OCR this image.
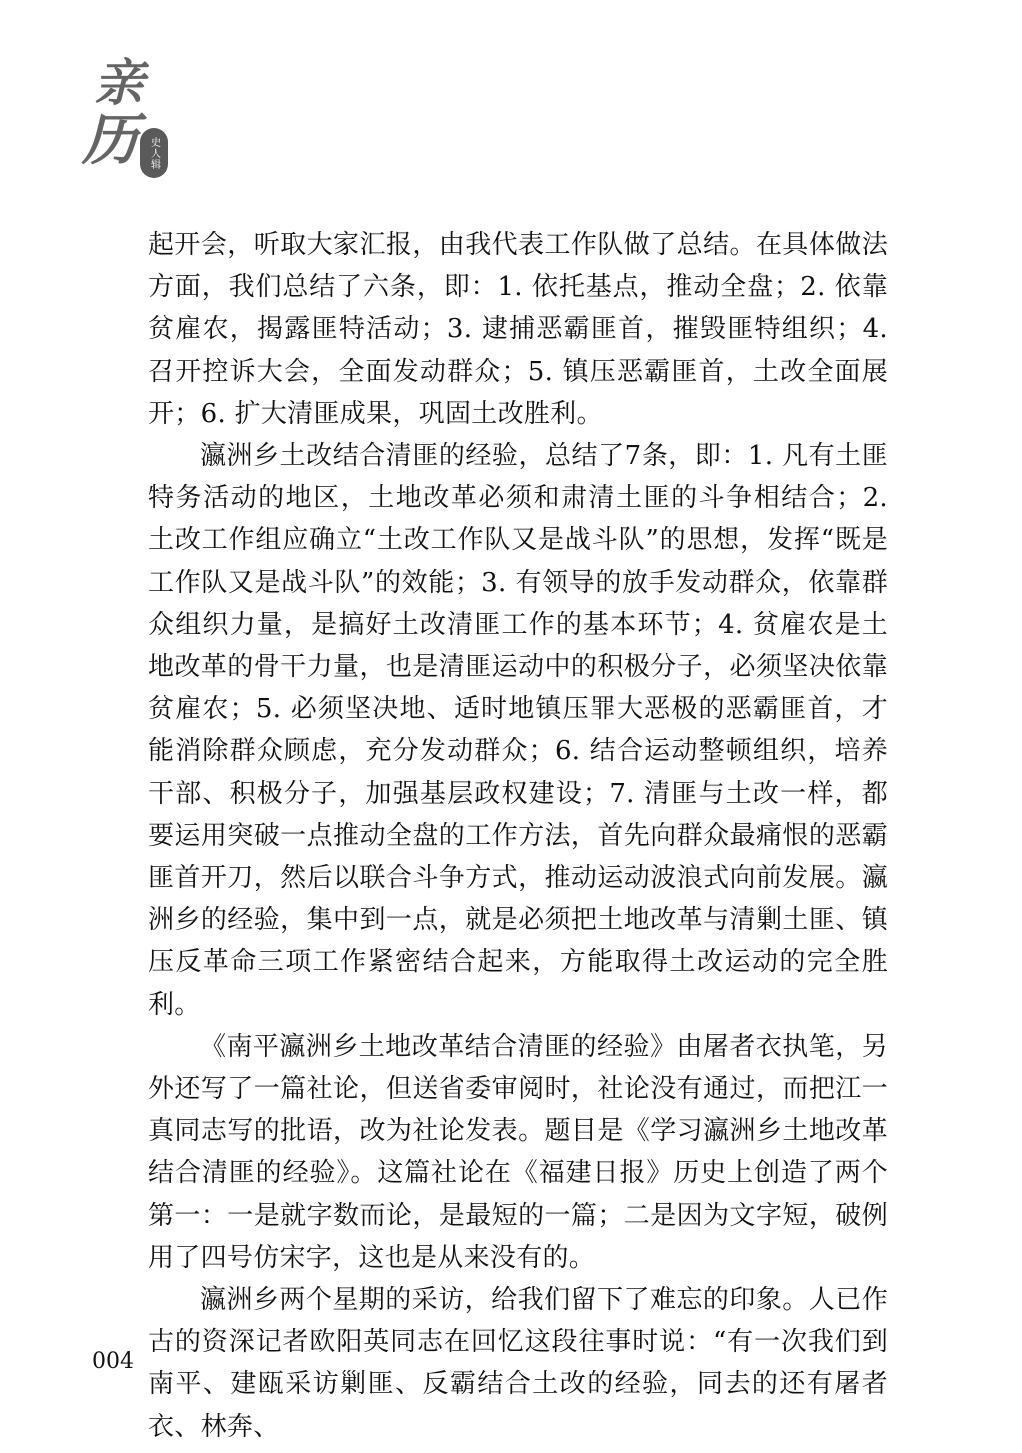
亲
历	史人辑

起开会，听取大家汇报，由我代表工作队做了总结。在具体做法方面，我们总结了六条，即：1. 依托基点，推动全盘；2. 依靠贫雇农，揭露匪特活动；3. 逮捕恶霸匪首，摧毁匪特组织；4. 召开控诉大会，全面发动群众；5. 镇压恶霸匪首，土改全面展开；6. 扩大清匪成果，巩固土改胜利。

瀛洲乡土改结合清匪的经验，总结了7条，即：1. 凡有土匪特务活动的地区，土地改革必须和肃清土匪的斗争相结合；2. 土改工作组应确立“土改工作队又是战斗队”的思想，发挥“既是工作队又是战斗队”的效能；3. 有领导的放手发动群众，依靠群众组织力量，是搞好土改清匪工作的基本环节；4. 贫雇农是土地改革的骨干力量，也是清匪运动中的积极分子，必须坚决依靠贫雇农；5. 必须坚决地、适时地镇压罪大恶极的恶霸匪首，才能消除群众顾虑，充分发动群众；6. 结合运动整顿组织，培养干部、积极分子，加强基层政权建设；7. 清匪与土改一样，都要运用突破一点推动全盘的工作方法，首先向群众最痛恨的恶霸匪首开刀，然后以联合斗争方式，推动运动波浪式向前发展。瀛洲乡的经验，集中到一点，就是必须把土地改革与清剿土匪、镇压反革命三项工作紧密结合起来，方能取得土改运动的完全胜利。

《南平瀛洲乡土地改革结合清匪的经验》由屠者衣执笔，另外还写了一篇社论，但送省委审阅时，社论没有通过，而把江一真同志写的批语，改为社论发表。题目是《学习瀛洲乡土地改革结合清匪的经验》。这篇社论在《福建日报》历史上创造了两个第一：一是就字数而论，是最短的一篇；二是因为文字短，破例用了四号仿宋字，这也是从来没有的。

瀛洲乡两个星期的采访，给我们留下了难忘的印象。人已作古的资深记者欧阳英同志在回忆这段往事时说：“有一次我们到南平、建瓯采访剿匪、反霸结合土改的经验，同去的还有屠者衣、林奔、

004
